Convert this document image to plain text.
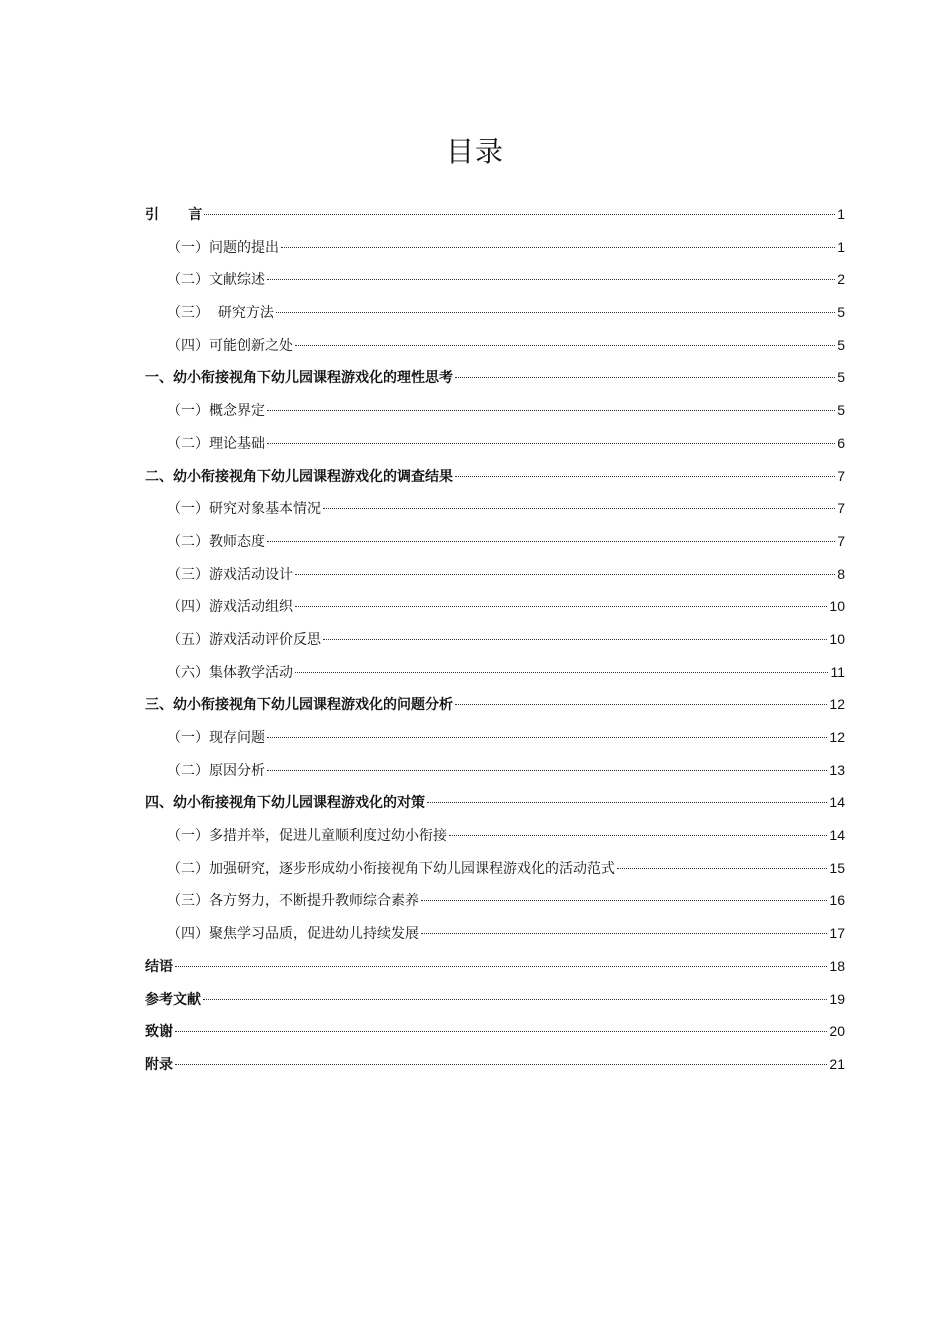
目录
引      言	1
（一）问题的提出	1
（二）文献综述	2
（三）  研究方法	5
（四）可能创新之处	5
一、幼小衔接视角下幼儿园课程游戏化的理性思考	5
（一）概念界定	5
（二）理论基础	6
二、幼小衔接视角下幼儿园课程游戏化的调查结果	7
（一）研究对象基本情况	7
（二）教师态度	7
（三）游戏活动设计	8
（四）游戏活动组织	10
（五）游戏活动评价反思	10
（六）集体教学活动	11
三、幼小衔接视角下幼儿园课程游戏化的问题分析	12
（一）现存问题	12
（二）原因分析	13
四、幼小衔接视角下幼儿园课程游戏化的对策	14
（一）多措并举，促进儿童顺利度过幼小衔接	14
（二）加强研究，逐步形成幼小衔接视角下幼儿园课程游戏化的活动范式	15
（三）各方努力，不断提升教师综合素养	16
（四）聚焦学习品质，促进幼儿持续发展	17
结语	18
参考文献	19
致谢	20
附录	21
